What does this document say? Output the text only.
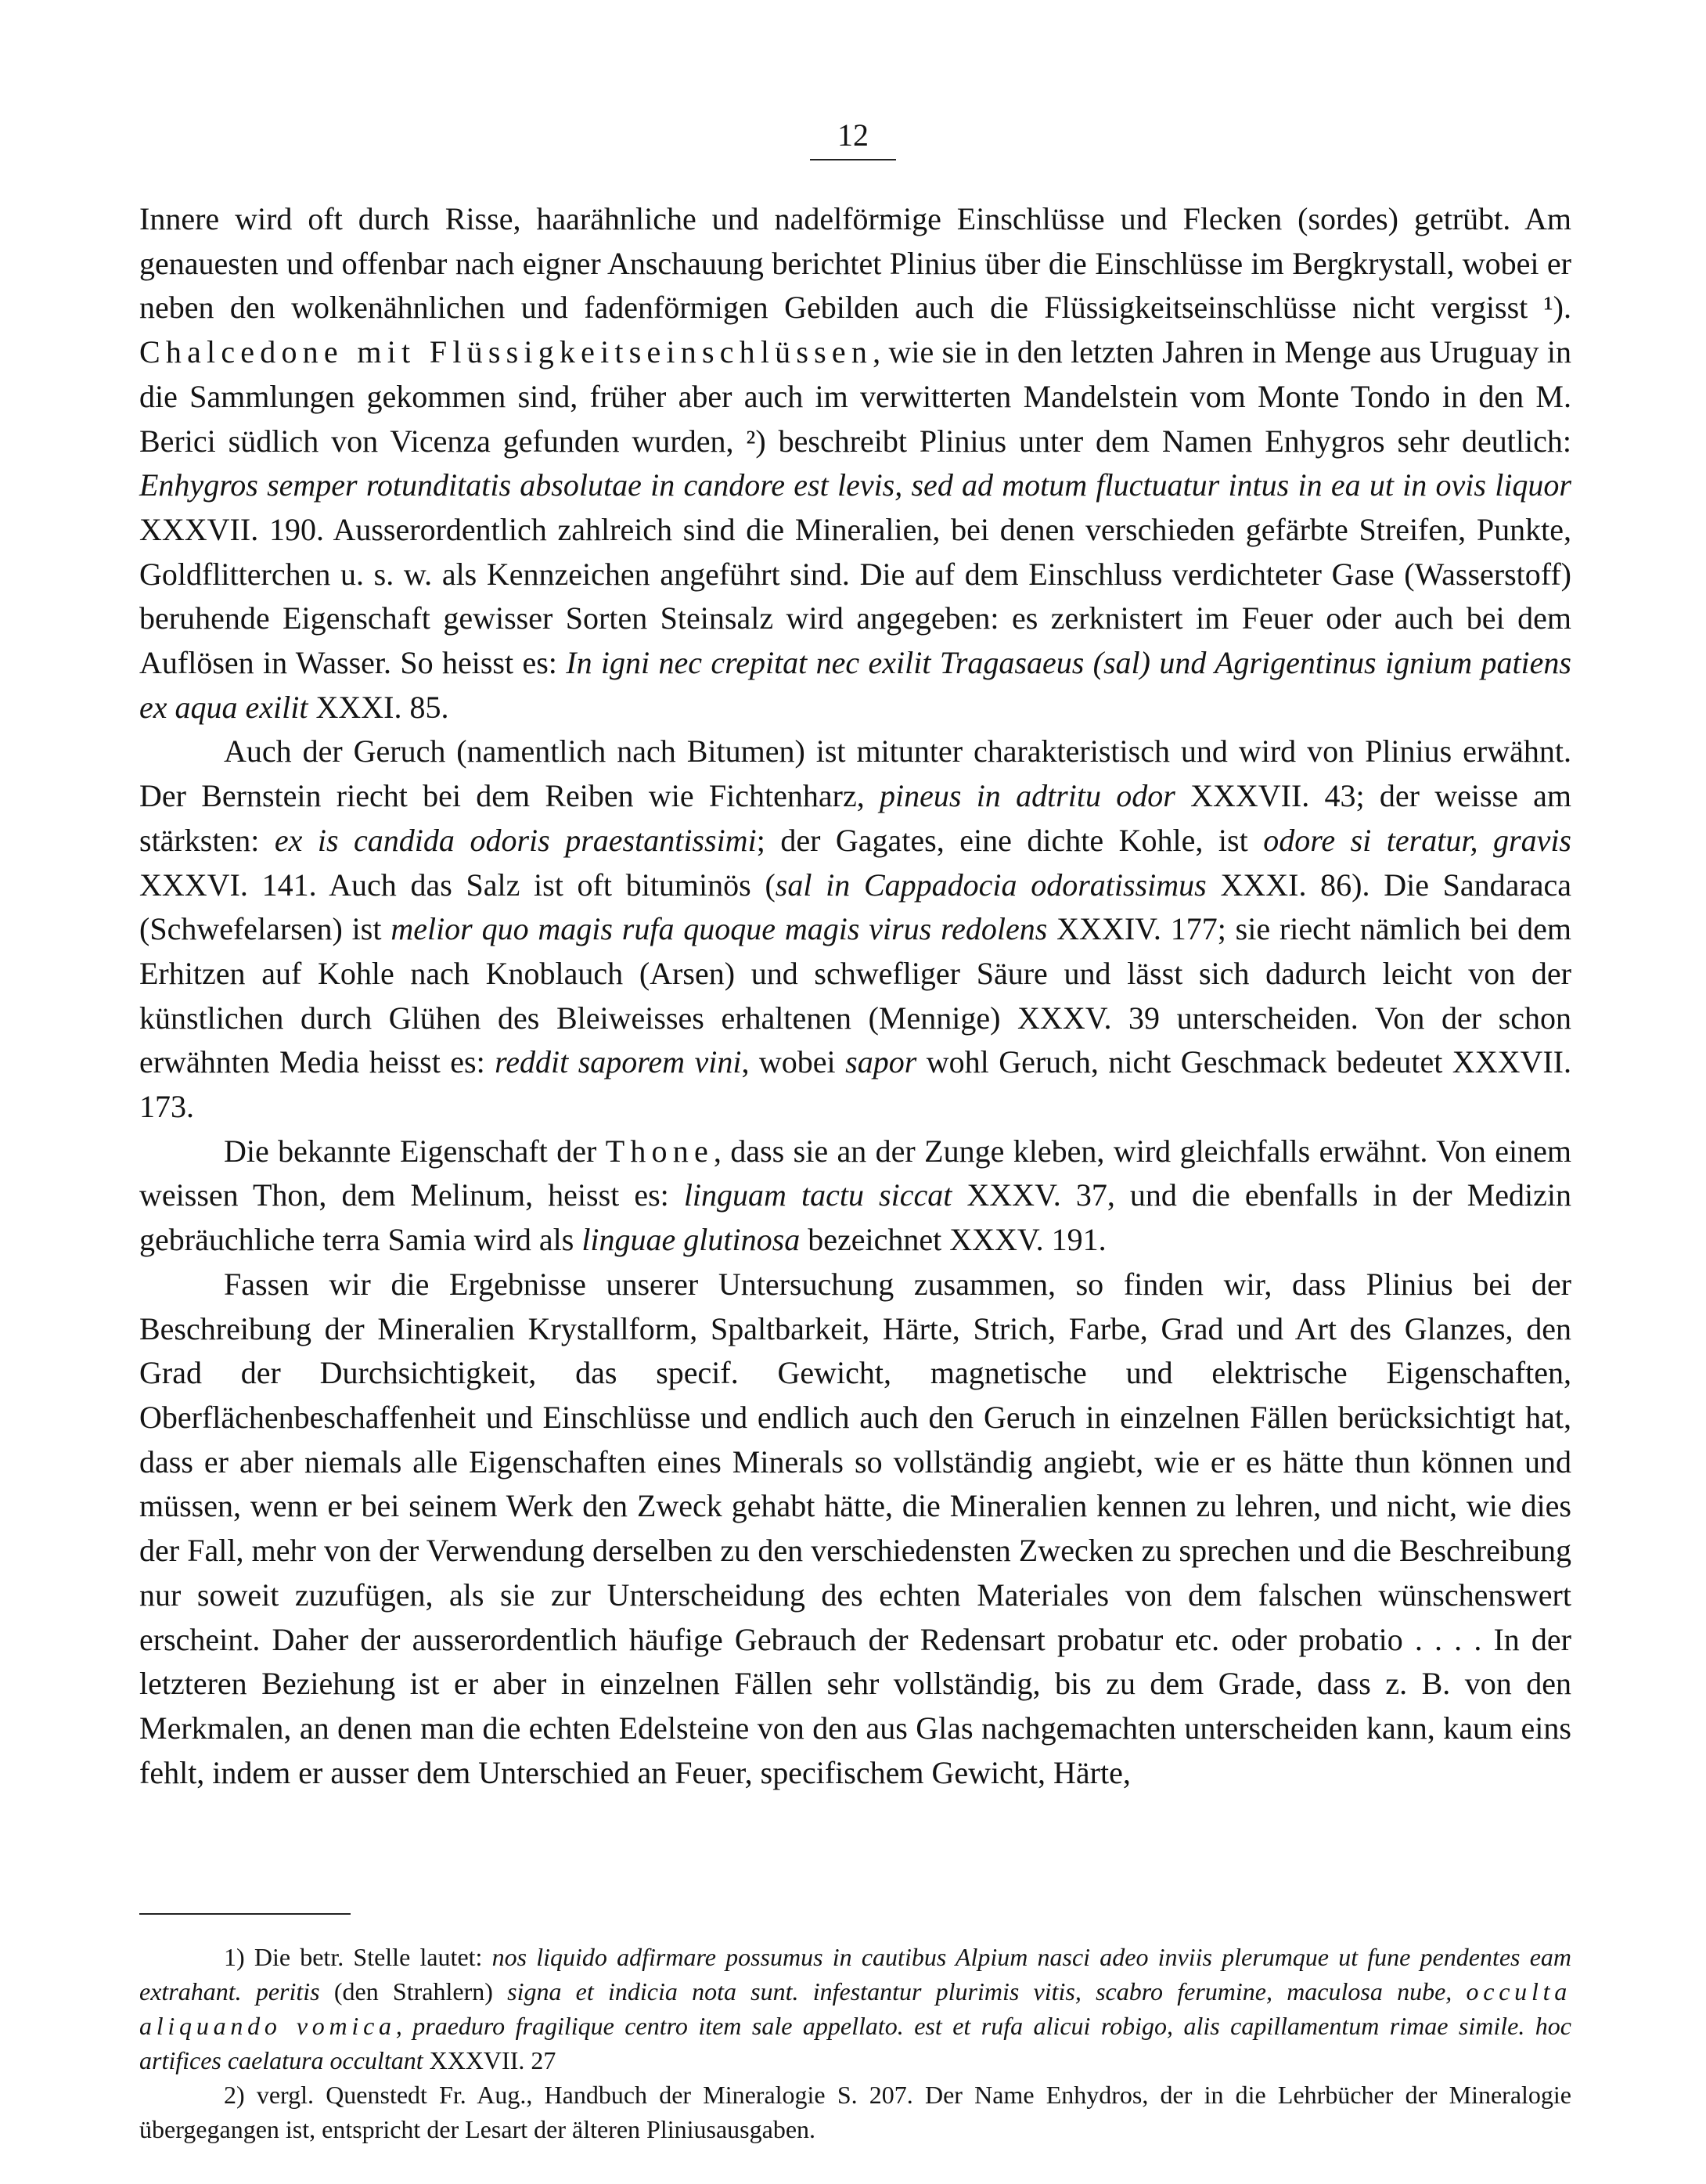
12

Innere wird oft durch Risse, haarähnliche und nadelförmige Einschlüsse und Flecken (sordes) getrübt. Am genauesten und offenbar nach eigner Anschauung berichtet Plinius über die Einschlüsse im Bergkrystall, wobei er neben den wolkenähnlichen und fadenförmigen Gebilden auch die Flüssigkeitseinschlüsse nicht vergisst ¹). Chalcedone mit Flüssigkeitseinschlüssen, wie sie in den letzten Jahren in Menge aus Uruguay in die Sammlungen gekommen sind, früher aber auch im verwitterten Mandelstein vom Monte Tondo in den M. Berici südlich von Vicenza gefunden wurden, ²) beschreibt Plinius unter dem Namen Enhygros sehr deutlich: Enhygros semper rotunditatis absolutae in candore est levis, sed ad motum fluctuatur intus in ea ut in ovis liquor XXXVII. 190. Ausserordentlich zahlreich sind die Mineralien, bei denen verschieden gefärbte Streifen, Punkte, Goldflitterchen u. s. w. als Kennzeichen angeführt sind. Die auf dem Einschluss verdichteter Gase (Wasserstoff) beruhende Eigenschaft gewisser Sorten Steinsalz wird angegeben: es zerknistert im Feuer oder auch bei dem Auflösen in Wasser. So heisst es: In igni nec crepitat nec exilit Tragasaeus (sal) und Agrigentinus ignium patiens ex aqua exilit XXXI. 85.

Auch der Geruch (namentlich nach Bitumen) ist mitunter charakteristisch und wird von Plinius erwähnt. Der Bernstein riecht bei dem Reiben wie Fichtenharz, pineus in adtritu odor XXXVII. 43; der weisse am stärksten: ex is candida odoris praestantissimi; der Gagates, eine dichte Kohle, ist odore si teratur, gravis XXXVI. 141. Auch das Salz ist oft bituminös (sal in Cappadocia odoratissimus XXXI. 86). Die Sandaraca (Schwefelarsen) ist melior quo magis rufa quoque magis virus redolens XXXIV. 177; sie riecht nämlich bei dem Erhitzen auf Kohle nach Knoblauch (Arsen) und schwefliger Säure und lässt sich dadurch leicht von der künstlichen durch Glühen des Bleiweisses erhaltenen (Mennige) XXXV. 39 unterscheiden. Von der schon erwähnten Media heisst es: reddit saporem vini, wobei sapor wohl Geruch, nicht Geschmack bedeutet XXXVII. 173.

Die bekannte Eigenschaft der Thone, dass sie an der Zunge kleben, wird gleichfalls erwähnt. Von einem weissen Thon, dem Melinum, heisst es: linguam tactu siccat XXXV. 37, und die ebenfalls in der Medizin gebräuchliche terra Samia wird als linguae glutinosa bezeichnet XXXV. 191.

Fassen wir die Ergebnisse unserer Untersuchung zusammen, so finden wir, dass Plinius bei der Beschreibung der Mineralien Krystallform, Spaltbarkeit, Härte, Strich, Farbe, Grad und Art des Glanzes, den Grad der Durchsichtigkeit, das specif. Gewicht, magnetische und elektrische Eigenschaften, Oberflächenbeschaffenheit und Einschlüsse und endlich auch den Geruch in einzelnen Fällen berücksichtigt hat, dass er aber niemals alle Eigenschaften eines Minerals so vollständig angiebt, wie er es hätte thun können und müssen, wenn er bei seinem Werk den Zweck gehabt hätte, die Mineralien kennen zu lehren, und nicht, wie dies der Fall, mehr von der Verwendung derselben zu den verschiedensten Zwecken zu sprechen und die Beschreibung nur soweit zuzufügen, als sie zur Unterscheidung des echten Materiales von dem falschen wünschenswert erscheint. Daher der ausserordentlich häufige Gebrauch der Redensart probatur etc. oder probatio . . . . In der letzteren Beziehung ist er aber in einzelnen Fällen sehr vollständig, bis zu dem Grade, dass z. B. von den Merkmalen, an denen man die echten Edelsteine von den aus Glas nachgemachten unterscheiden kann, kaum eins fehlt, indem er ausser dem Unterschied an Feuer, specifischem Gewicht, Härte,

1) Die betr. Stelle lautet: nos liquido adfirmare possumus in cautibus Alpium nasci adeo inviis plerumque ut fune pendentes eam extrahant. peritis (den Strahlern) signa et indicia nota sunt. infestantur plurimis vitis, scabro ferumine, maculosa nube, occulta aliquando vomica, praeduro fragilique centro item sale appellato. est et rufa alicui robigo, alis capillamentum rimae simile. hoc artifices caelatura occultant XXXVII. 27

2) vergl. Quenstedt Fr. Aug., Handbuch der Mineralogie S. 207. Der Name Enhydros, der in die Lehrbücher der Mineralogie übergegangen ist, entspricht der Lesart der älteren Pliniusausgaben.
